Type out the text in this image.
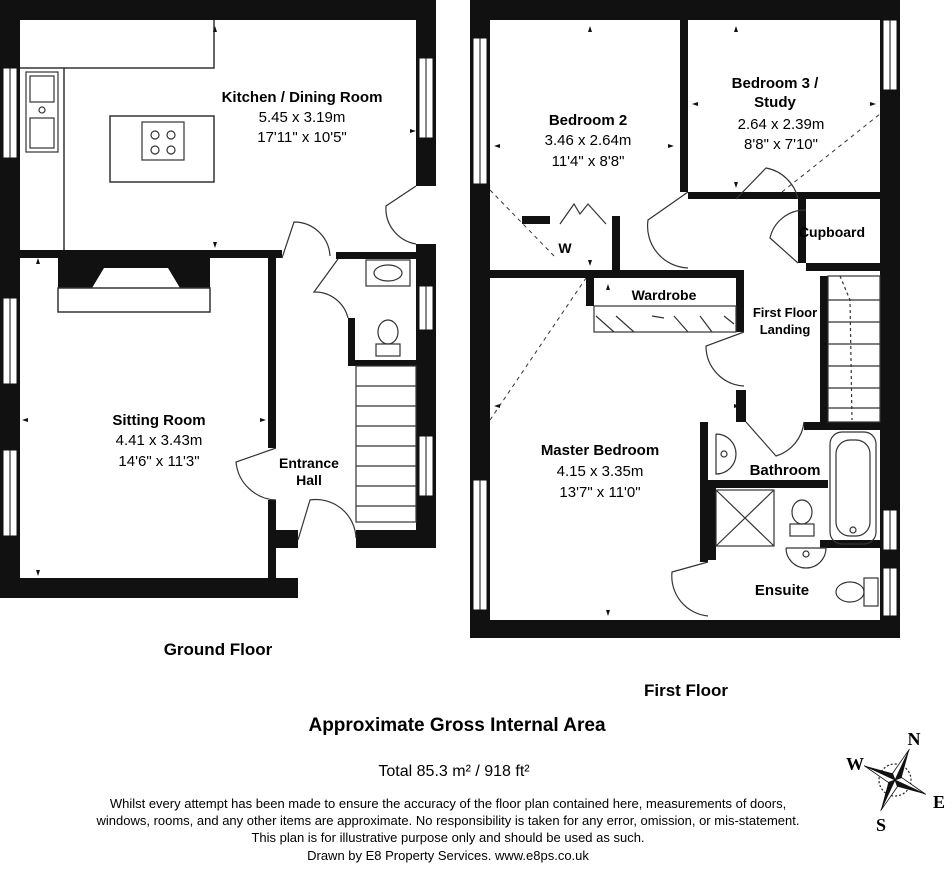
Kitchen / Dining Room
5.45 x 3.19m
17'11" x 10'5"
Sitting Room
4.41 x 3.43m
14'6" x 11'3"	Entrance
Hall
Bedroom 2
3.46 x 2.64m
11'4" x 8'8"
Bedroom 3 /
Study
2.64 x 2.39m
8'8" x 7'10"
Cupboard
Wardrobe
W
First Floor
Landing
Master Bedroom
4.15 x 3.35m
13'7" x 11'0"
Bathroom
Ensuite
Ground Floor
First Floor
Approximate Gross Internal Area
Total 85.3 m² / 918 ft²
Whilst every attempt has been made to ensure the accuracy of the floor plan contained here, measurements of doors,
windows, rooms, and any other items are approximate. No responsibility is taken for any error, omission, or mis-statement.
This plan is for illustrative purpose only and should be used as such.
Drawn by E8 Property Services. www.e8ps.co.uk
N
E
S
W
